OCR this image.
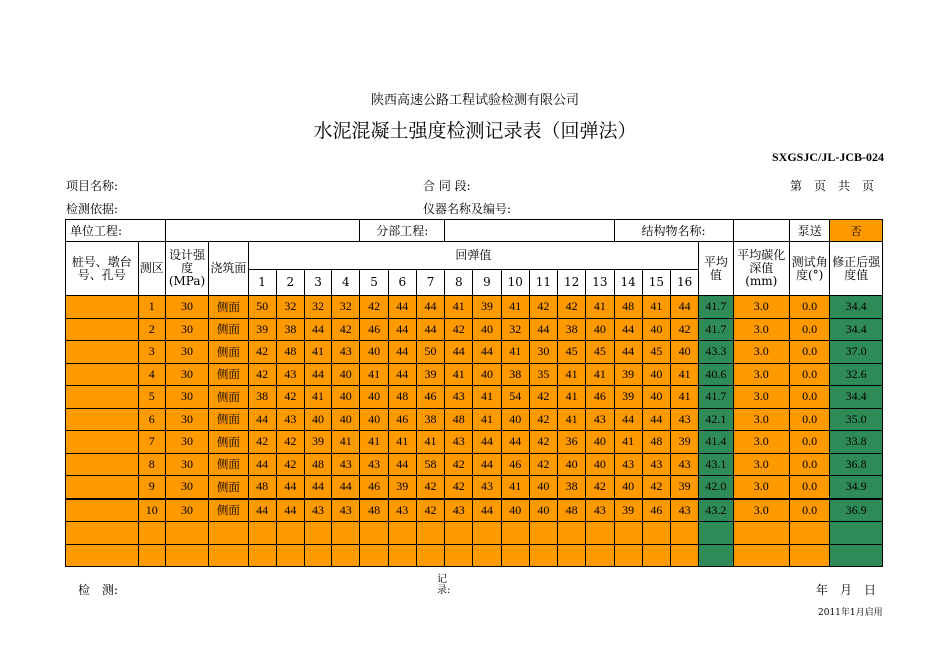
陕西高速公路工程试验检测有限公司
水泥混凝土强度检测记录表（回弹法）
SXGSJC/JL-JCB-024
项目名称:	合 同 段:	第　页　共　页
检测依据:	仪器名称及编号:
单位工程:								分部工程:									结构物名称:					泵送	否
桩号、墩台号、孔号	测区	设计强度(MPa)	浇筑面	回弹值																平均值	平均碳化深值(mm)	测试角度(°)	修正后强度值
				1	2	3	4	5	6	7	8	9	10	11	12	13	14	15	16				
	1	30	侧面	50	32	32	32	42	44	44	41	39	41	42	42	41	48	41	44	41.7	3.0	0.0	34.4
	2	30	侧面	39	38	44	42	46	44	44	42	40	32	44	38	40	44	40	42	41.7	3.0	0.0	34.4
	3	30	侧面	42	48	41	43	40	44	50	44	44	41	30	45	45	44	45	40	43.3	3.0	0.0	37.0
	4	30	侧面	42	43	44	40	41	44	39	41	40	38	35	41	41	39	40	41	40.6	3.0	0.0	32.6
	5	30	侧面	38	42	41	40	40	48	46	43	41	54	42	41	46	39	40	41	41.7	3.0	0.0	34.4
	6	30	侧面	44	43	40	40	40	46	38	48	41	40	42	41	43	44	44	43	42.1	3.0	0.0	35.0
	7	30	侧面	42	42	39	41	41	41	41	43	44	44	42	36	40	41	48	39	41.4	3.0	0.0	33.8
	8	30	侧面	44	42	48	43	43	44	58	42	44	46	42	40	40	43	43	43	43.1	3.0	0.0	36.8
	9	30	侧面	48	44	44	44	46	39	42	42	43	41	40	38	42	40	42	39	42.0	3.0	0.0	34.9
	10	30	侧面	44	44	43	43	48	43	42	43	44	40	40	48	43	39	46	43	43.2	3.0	0.0	36.9

检　测:
记录:	年　月　日
2011年1月启用
